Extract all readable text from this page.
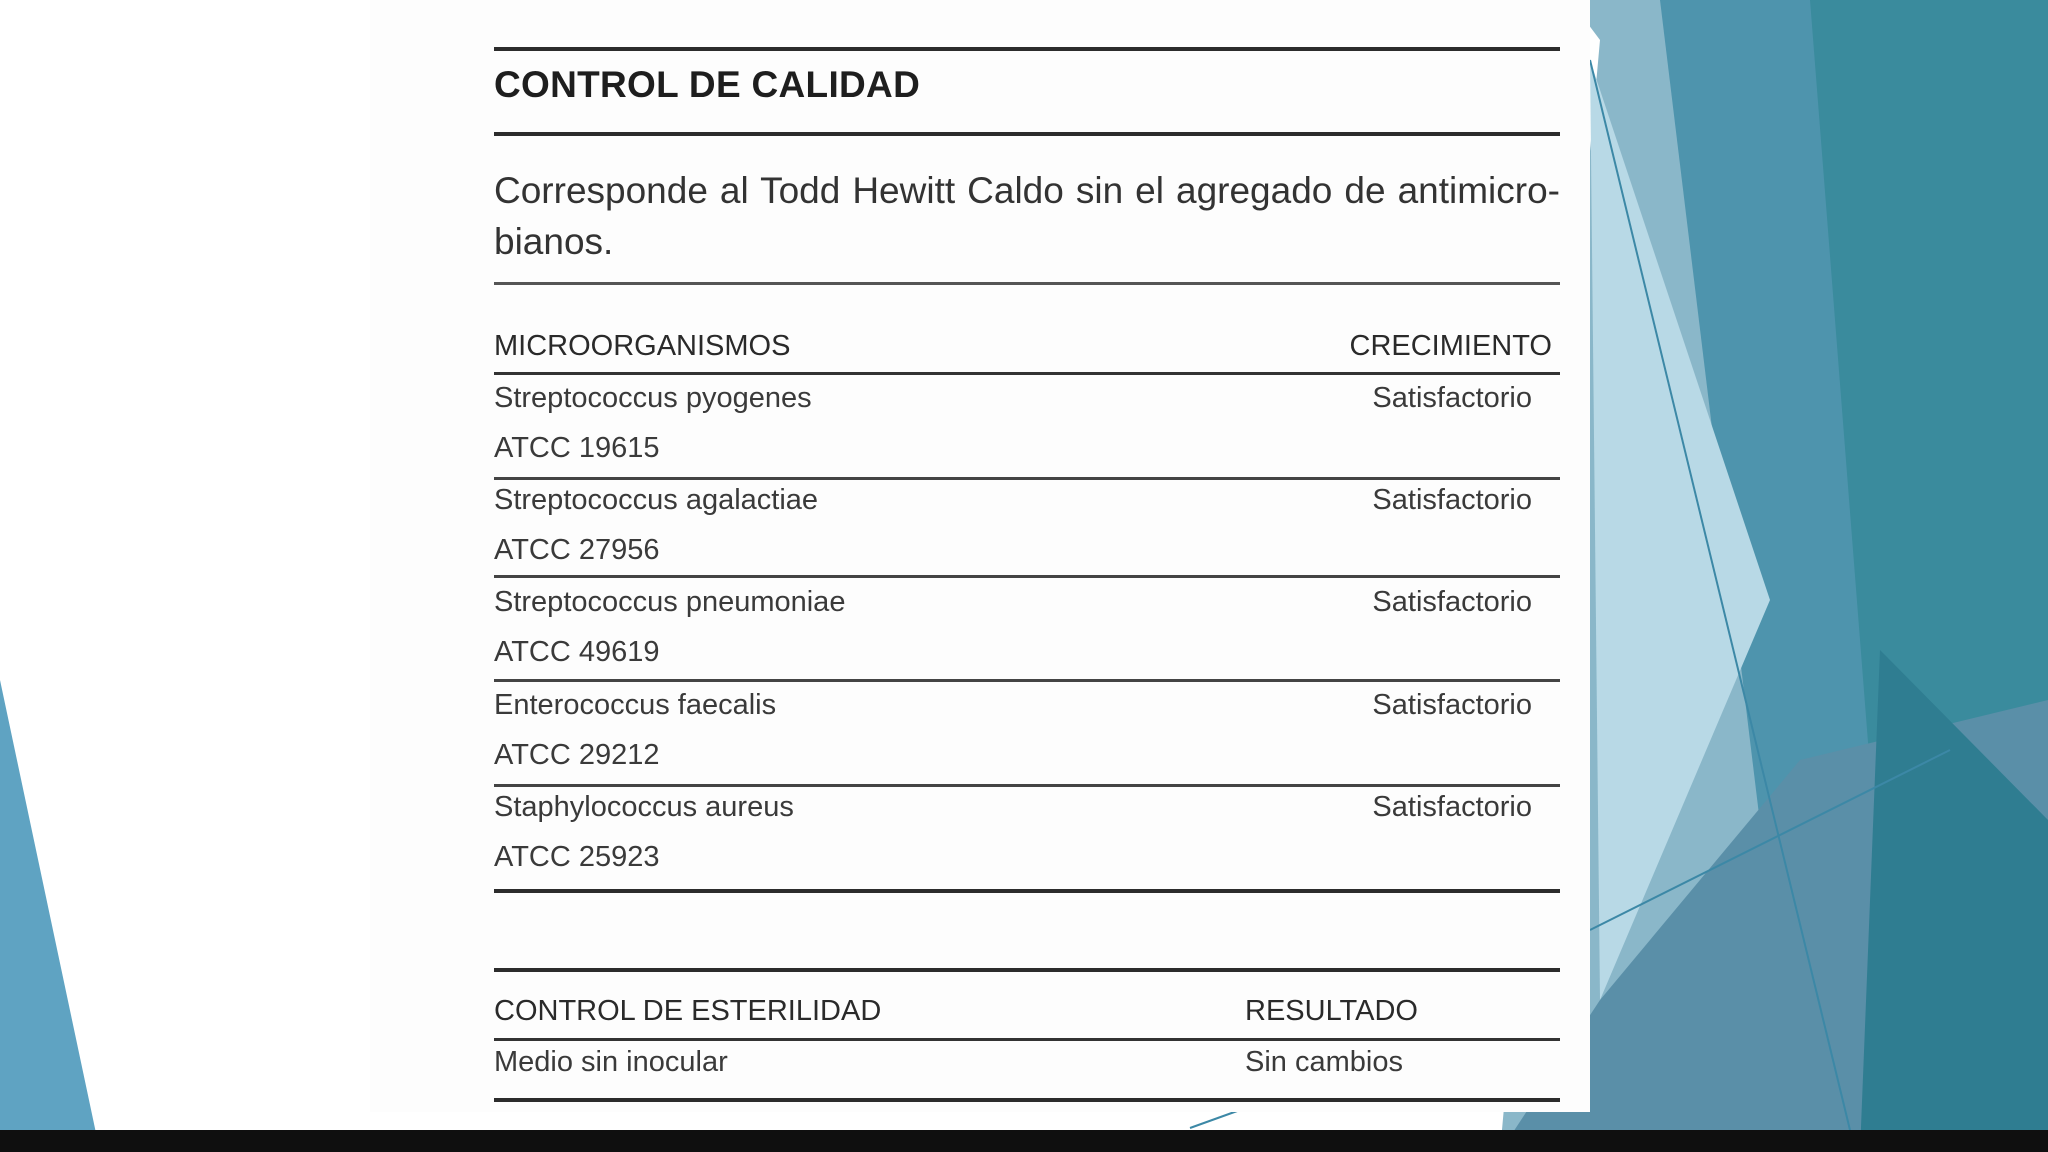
CONTROL DE CALIDAD
Corresponde al Todd Hewitt Caldo sin el agregado de antimicro-
bianos.
MICROORGANISMOS	CRECIMIENTO
Streptococcus pyogenes	Satisfactorio
ATCC 19615
Streptococcus agalactiae	Satisfactorio
ATCC 27956
Streptococcus pneumoniae	Satisfactorio
ATCC 49619
Enterococcus faecalis	Satisfactorio
ATCC 29212
Staphylococcus aureus	Satisfactorio
ATCC 25923
CONTROL DE ESTERILIDAD	RESULTADO
Medio sin inocular	Sin cambios
